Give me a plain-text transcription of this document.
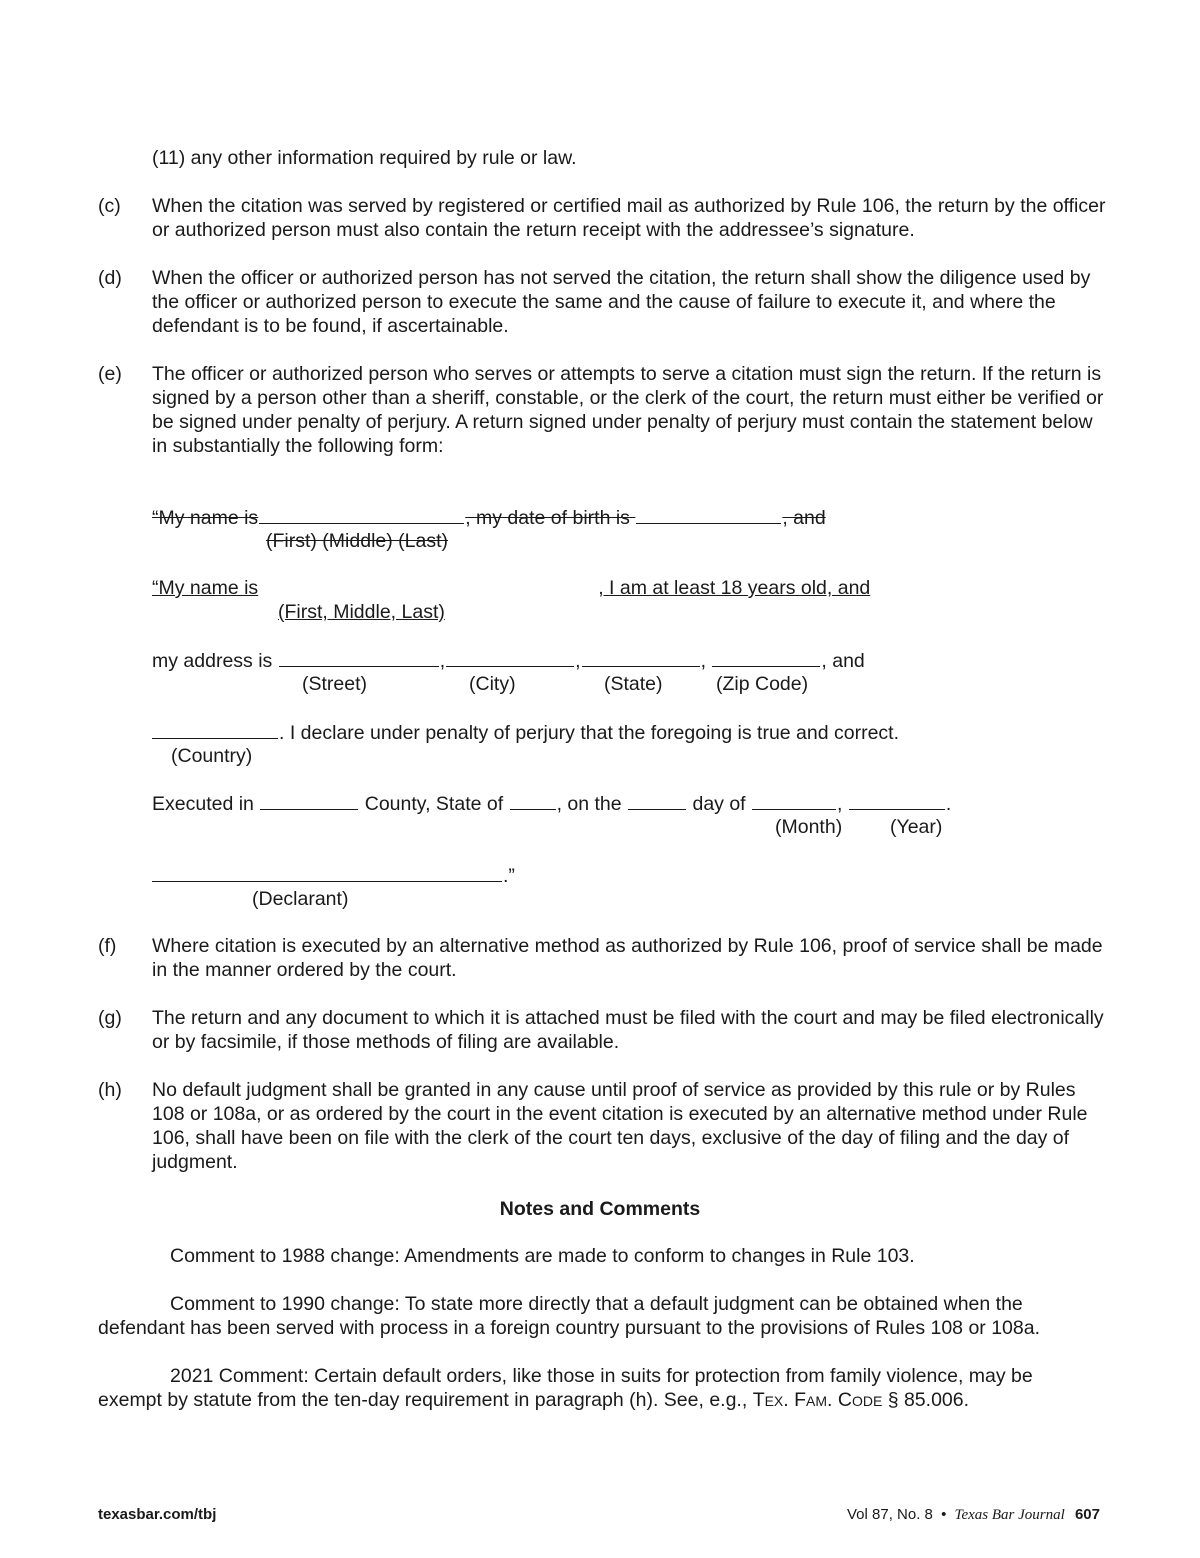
(11) any other information required by rule or law.
(c) When the citation was served by registered or certified mail as authorized by Rule 106, the return by the officer or authorized person must also contain the return receipt with the addressee’s signature.
(d) When the officer or authorized person has not served the citation, the return shall show the diligence used by the officer or authorized person to execute the same and the cause of failure to execute it, and where the defendant is to be found, if ascertainable.
(e) The officer or authorized person who serves or attempts to serve a citation must sign the return. If the return is signed by a person other than a sheriff, constable, or the clerk of the court, the return must either be verified or be signed under penalty of perjury. A return signed under penalty of perjury must contain the statement below in substantially the following form:
“My name is	, my date of birth is	, and
(First) (Middle) (Last)
“My name is	, I am at least 18 years old, and
(First, Middle, Last)
my address is	,	,	,	, and
(Street)	(City)	(State)	(Zip Code)
. I declare under penalty of perjury that the foregoing is true and correct.
(Country)
Executed in	County, State of	, on the	day of	,	.
(Month) (Year)
.”
(Declarant)
(f) Where citation is executed by an alternative method as authorized by Rule 106, proof of service shall be made in the manner ordered by the court.
(g) The return and any document to which it is attached must be filed with the court and may be filed electronically or by facsimile, if those methods of filing are available.
(h) No default judgment shall be granted in any cause until proof of service as provided by this rule or by Rules 108 or 108a, or as ordered by the court in the event citation is executed by an alternative method under Rule 106, shall have been on file with the clerk of the court ten days, exclusive of the day of filing and the day of judgment.
Notes and Comments
Comment to 1988 change: Amendments are made to conform to changes in Rule 103.
Comment to 1990 change: To state more directly that a default judgment can be obtained when the defendant has been served with process in a foreign country pursuant to the provisions of Rules 108 or 108a.
2021 Comment: Certain default orders, like those in suits for protection from family violence, may be exempt by statute from the ten-day requirement in paragraph (h). See, e.g., Tex. Fam. Code § 85.006.
texasbar.com/tbj	Vol 87, No. 8 • Texas Bar Journal 607
